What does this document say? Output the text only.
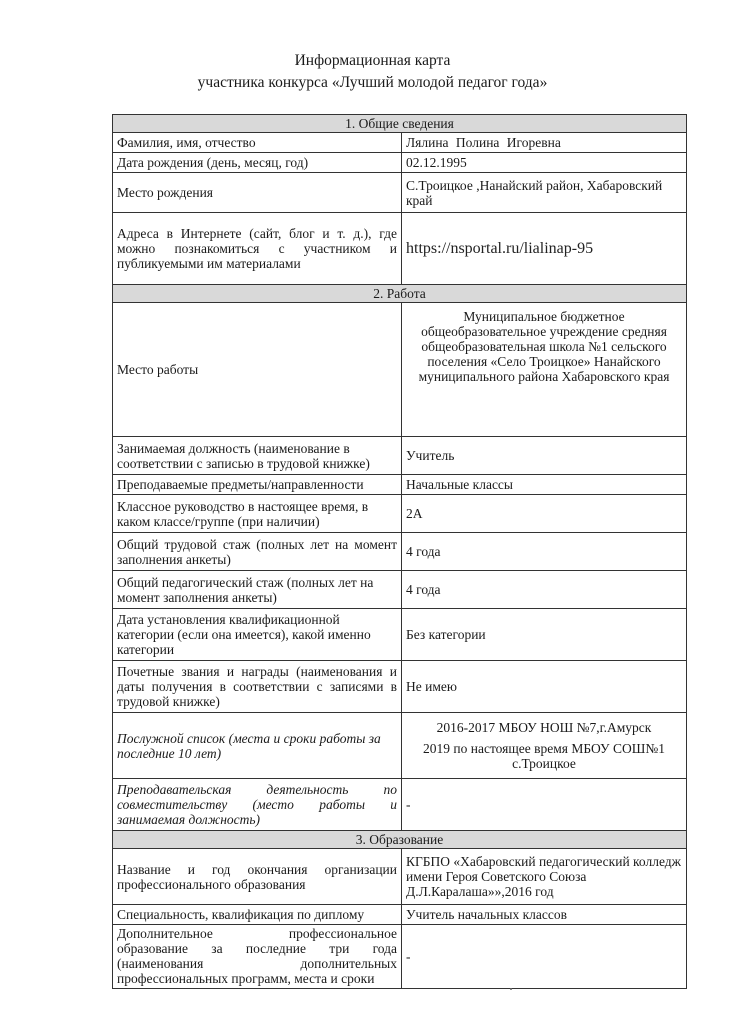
Информационная карта
участника конкурса «Лучший молодой педагог года»
1. Общие сведения	
Фамилия, имя, отчество	Лялина Полина Игоревна
Дата рождения (день, месяц, год)	02.12.1995
Место рождения	С.Троицкое ,Нанайский район, Хабаровский край
Адреса в Интернете (сайт, блог и т. д.), где можно познакомиться с участником и публикуемыми им материалами	https://nsportal.ru/lialinap-95
2. Работа	
Место работы	Муниципальное бюджетное общеобразовательное учреждение средняя общеобразовательная школа №1 сельского поселения «Село Троицкое» Нанайского муниципального района Хабаровского края
Занимаемая должность (наименование в соответствии с записью в трудовой книжке)	Учитель
Преподаваемые предметы/направленности	Начальные классы
Классное руководство в настоящее время, в каком классе/группе (при наличии)	2А
Общий трудовой стаж (полных лет на момент заполнения анкеты)	4 года
Общий педагогический стаж (полных лет на момент заполнения анкеты)	4 года
Дата установления квалификационной категории (если она имеется), какой именно категории	Без категории
Почетные звания и награды (наименования и даты получения в соответствии с записями в трудовой книжке)	Не имею
Послужной список (места и сроки работы за последние 10 лет)	2016-2017 МБОУ НОШ №7,г.Амурск
2019 по настоящее время МБОУ СОШ№1 с.Троицкое

Преподавательская деятельность по совместительству (место работы и занимаемая должность)	-
3. Образование	
Название и год окончания организации профессионального образования	КГБПО «Хабаровский педагогический колледж имени Героя Советского Союза Д.Л.Каралаша»»,2016 год
Специальность, квалификация по диплому	Учитель начальных классов
Дополнительное профессиональное образование за последние три года (наименования дополнительных профессиональных программ, места и сроки	-
